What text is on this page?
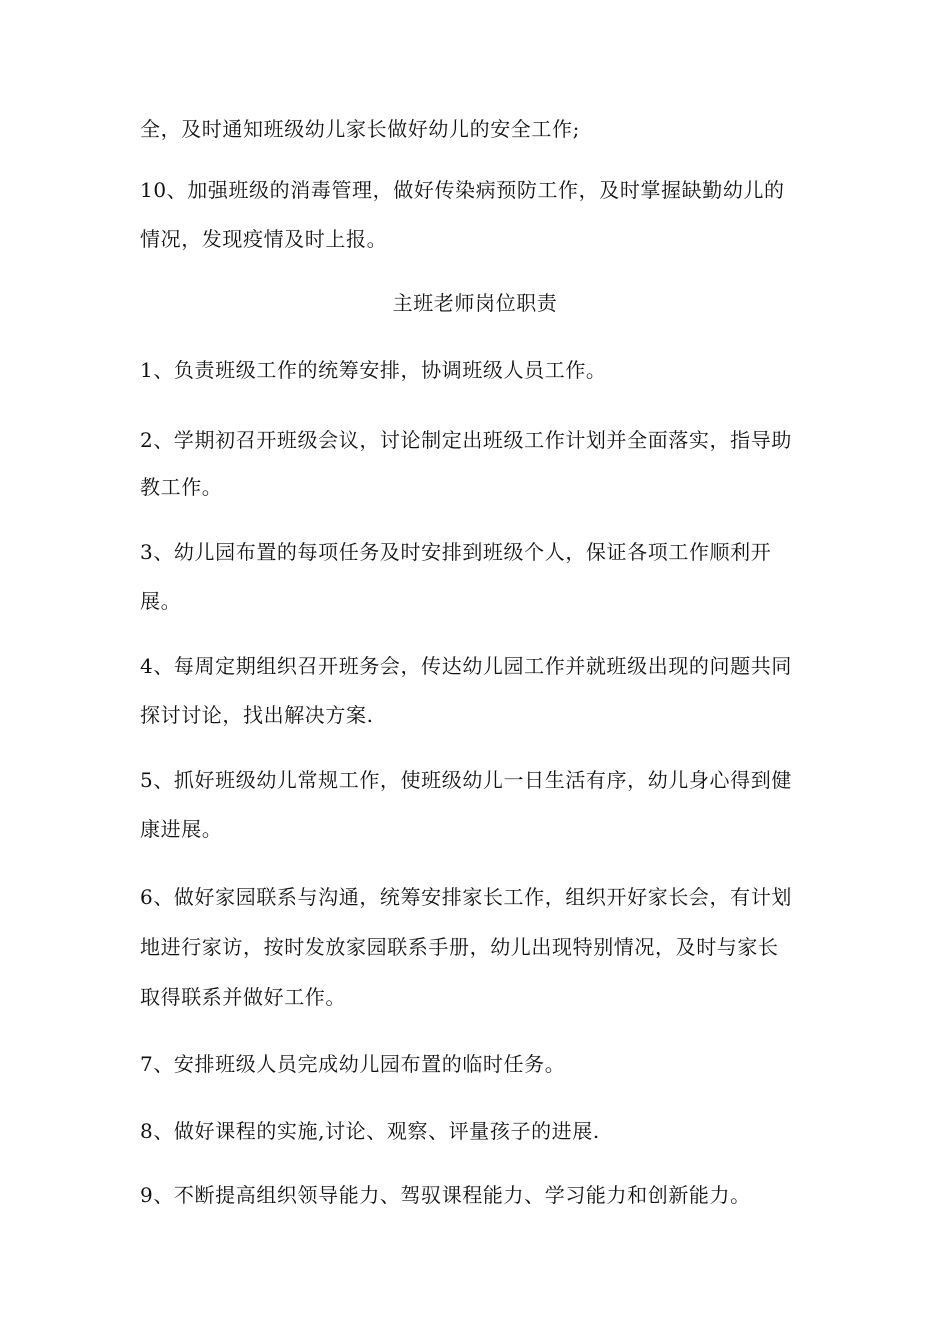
全，及时通知班级幼儿家长做好幼儿的安全工作;
10、加强班级的消毒管理，做好传染病预防工作，及时掌握缺勤幼儿的
情况，发现疫情及时上报。
主班老师岗位职责
1、负责班级工作的统筹安排，协调班级人员工作。
2、学期初召开班级会议，讨论制定出班级工作计划并全面落实，指导助
教工作。
3、幼儿园布置的每项任务及时安排到班级个人，保证各项工作顺利开
展。
4、每周定期组织召开班务会，传达幼儿园工作并就班级出现的问题共同
探讨讨论，找出解决方案.
5、抓好班级幼儿常规工作，使班级幼儿一日生活有序，幼儿身心得到健
康进展。
6、做好家园联系与沟通，统筹安排家长工作，组织开好家长会，有计划
地进行家访，按时发放家园联系手册，幼儿出现特别情况，及时与家长
取得联系并做好工作。
7、安排班级人员完成幼儿园布置的临时任务。
8、做好课程的实施,讨论、观察、评量孩子的进展.
9、不断提高组织领导能力、驾驭课程能力、学习能力和创新能力。
